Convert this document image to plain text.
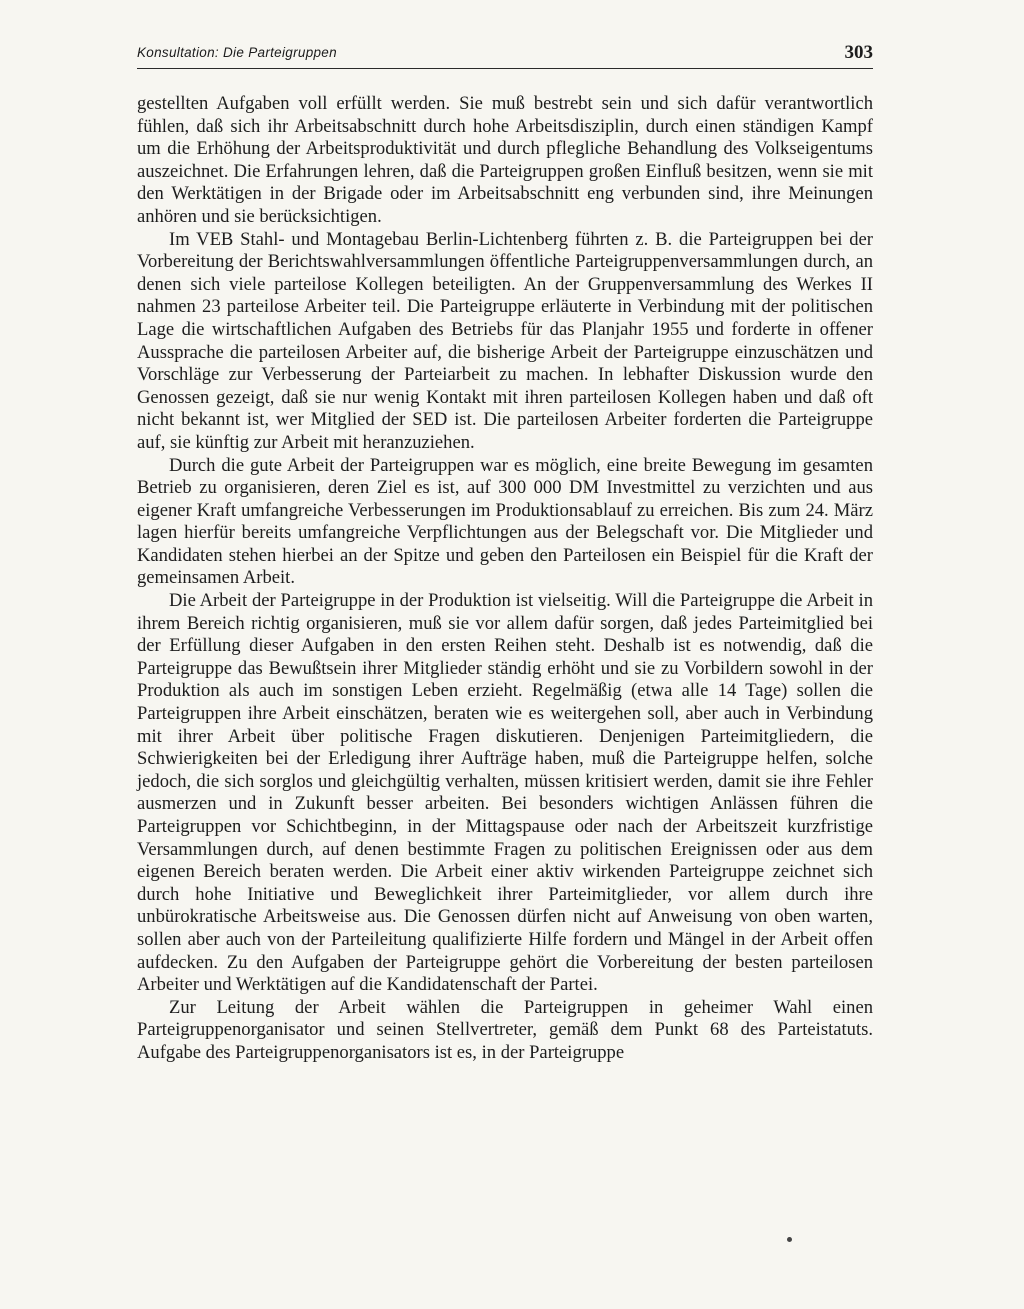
Konsultation: Die Parteigruppen	303

gestellten Aufgaben voll erfüllt werden. Sie muß bestrebt sein und sich dafür verantwortlich fühlen, daß sich ihr Arbeitsabschnitt durch hohe Arbeitsdisziplin, durch einen ständigen Kampf um die Erhöhung der Arbeitsproduktivität und durch pflegliche Behandlung des Volkseigentums auszeichnet. Die Erfahrungen lehren, daß die Parteigruppen großen Einfluß besitzen, wenn sie mit den Werktätigen in der Brigade oder im Arbeitsabschnitt eng verbunden sind, ihre Meinungen anhören und sie berücksichtigen.

Im VEB Stahl- und Montagebau Berlin-Lichtenberg führten z. B. die Parteigruppen bei der Vorbereitung der Berichtswahlversammlungen öffentliche Parteigruppenversammlungen durch, an denen sich viele parteilose Kollegen beteiligten. An der Gruppenversammlung des Werkes II nahmen 23 parteilose Arbeiter teil. Die Parteigruppe erläuterte in Verbindung mit der politischen Lage die wirtschaftlichen Aufgaben des Betriebs für das Planjahr 1955 und forderte in offener Aussprache die parteilosen Arbeiter auf, die bisherige Arbeit der Parteigruppe einzuschätzen und Vorschläge zur Verbesserung der Parteiarbeit zu machen. In lebhafter Diskussion wurde den Genossen gezeigt, daß sie nur wenig Kontakt mit ihren parteilosen Kollegen haben und daß oft nicht bekannt ist, wer Mitglied der SED ist. Die parteilosen Arbeiter forderten die Parteigruppe auf, sie künftig zur Arbeit mit heranzuziehen.

Durch die gute Arbeit der Parteigruppen war es möglich, eine breite Bewegung im gesamten Betrieb zu organisieren, deren Ziel es ist, auf 300 000 DM Investmittel zu verzichten und aus eigener Kraft umfangreiche Verbesserungen im Produktionsablauf zu erreichen. Bis zum 24. März lagen hierfür bereits umfangreiche Verpflichtungen aus der Belegschaft vor. Die Mitglieder und Kandidaten stehen hierbei an der Spitze und geben den Parteilosen ein Beispiel für die Kraft der gemeinsamen Arbeit.

Die Arbeit der Parteigruppe in der Produktion ist vielseitig. Will die Parteigruppe die Arbeit in ihrem Bereich richtig organisieren, muß sie vor allem dafür sorgen, daß jedes Parteimitglied bei der Erfüllung dieser Aufgaben in den ersten Reihen steht. Deshalb ist es notwendig, daß die Parteigruppe das Bewußtsein ihrer Mitglieder ständig erhöht und sie zu Vorbildern sowohl in der Produktion als auch im sonstigen Leben erzieht. Regelmäßig (etwa alle 14 Tage) sollen die Parteigruppen ihre Arbeit einschätzen, beraten wie es weitergehen soll, aber auch in Verbindung mit ihrer Arbeit über politische Fragen diskutieren. Denjenigen Parteimitgliedern, die Schwierigkeiten bei der Erledigung ihrer Aufträge haben, muß die Parteigruppe helfen, solche jedoch, die sich sorglos und gleichgültig verhalten, müssen kritisiert werden, damit sie ihre Fehler ausmerzen und in Zukunft besser arbeiten. Bei besonders wichtigen Anlässen führen die Parteigruppen vor Schichtbeginn, in der Mittagspause oder nach der Arbeitszeit kurzfristige Versammlungen durch, auf denen bestimmte Fragen zu politischen Ereignissen oder aus dem eigenen Bereich beraten werden. Die Arbeit einer aktiv wirkenden Parteigruppe zeichnet sich durch hohe Initiative und Beweglichkeit ihrer Parteimitglieder, vor allem durch ihre unbürokratische Arbeitsweise aus. Die Genossen dürfen nicht auf Anweisung von oben warten, sollen aber auch von der Parteileitung qualifizierte Hilfe fordern und Mängel in der Arbeit offen aufdecken. Zu den Aufgaben der Parteigruppe gehört die Vorbereitung der besten parteilosen Arbeiter und Werktätigen auf die Kandidatenschaft der Partei.

Zur Leitung der Arbeit wählen die Parteigruppen in geheimer Wahl einen Parteigruppenorganisator und seinen Stellvertreter, gemäß dem Punkt 68 des Parteistatuts. Aufgabe des Parteigruppenorganisators ist es, in der Parteigruppe
